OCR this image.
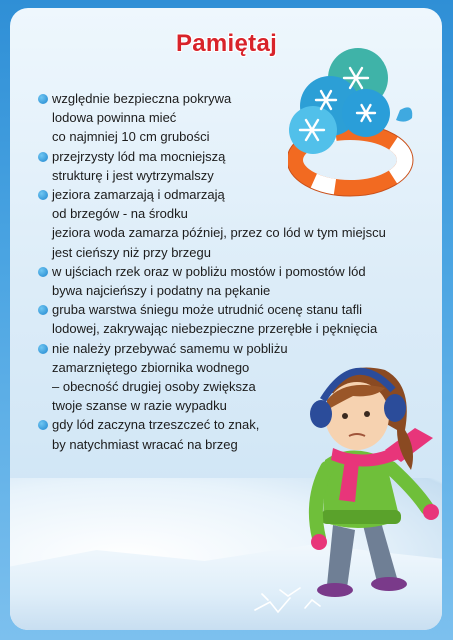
Pamiętaj
względnie bezpieczna pokrywa
lodowa powinna mieć
co najmniej 10 cm grubości
przejrzysty lód ma mocniejszą
strukturę i jest wytrzymalszy
jeziora zamarzają i odmarzają
od brzegów - na środku
jeziora woda zamarza później, przez co lód w tym miejscu
jest cieńszy niż przy brzegu
w ujściach rzek oraz w pobliżu mostów i pomostów lód
bywa najcieńszy i podatny na pękanie
gruba warstwa śniegu może utrudnić ocenę stanu tafli
lodowej, zakrywając niebezpieczne przerębłe i pęknięcia
nie należy przebywać samemu w pobliżu
zamarzniętego zbiornika wodnego
– obecność drugiej osoby zwiększa
twoje szanse w razie wypadku
gdy lód zaczyna trzeszczeć to znak,
by natychmiast wracać na brzeg
